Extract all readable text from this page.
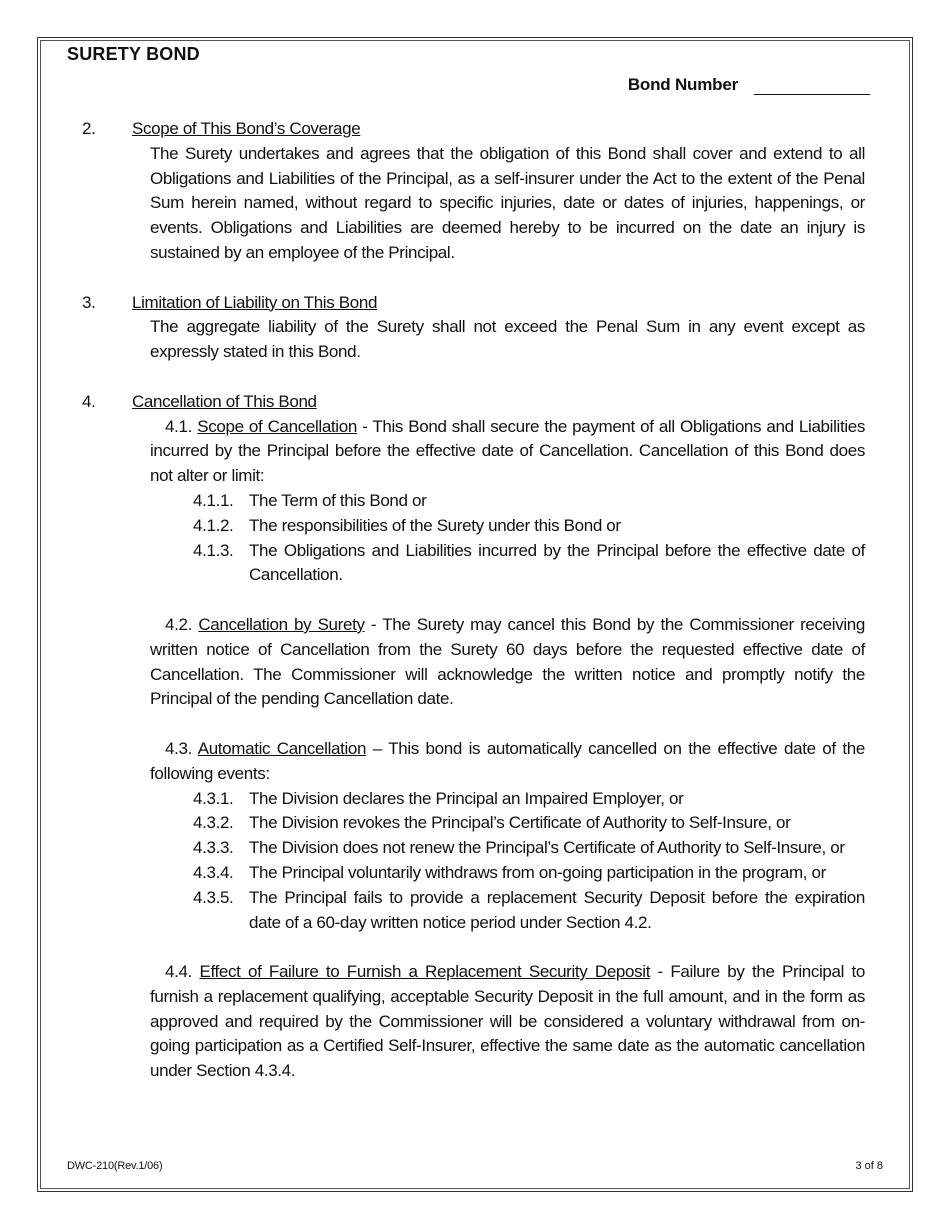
SURETY BOND
Bond Number
2.	Scope of This Bond’s Coverage
The Surety undertakes and agrees that the obligation of this Bond shall cover and extend to all Obligations and Liabilities of the Principal, as a self-insurer under the Act to the extent of the Penal Sum herein named, without regard to specific injuries, date or dates of injuries, happenings, or events. Obligations and Liabilities are deemed hereby to be incurred on the date an injury is sustained by an employee of the Principal.
3.	Limitation of Liability on This Bond
The aggregate liability of the Surety shall not exceed the Penal Sum in any event except as expressly stated in this Bond.
4.	Cancellation of This Bond
4.1. Scope of Cancellation - This Bond shall secure the payment of all Obligations and Liabilities incurred by the Principal before the effective date of Cancellation. Cancellation of this Bond does not alter or limit:
4.1.1. The Term of this Bond or
4.1.2. The responsibilities of the Surety under this Bond or
4.1.3. The Obligations and Liabilities incurred by the Principal before the effective date of Cancellation.
4.2. Cancellation by Surety - The Surety may cancel this Bond by the Commissioner receiving written notice of Cancellation from the Surety 60 days before the requested effective date of Cancellation. The Commissioner will acknowledge the written notice and promptly notify the Principal of the pending Cancellation date.
4.3. Automatic Cancellation – This bond is automatically cancelled on the effective date of the following events:
4.3.1. The Division declares the Principal an Impaired Employer, or
4.3.2. The Division revokes the Principal’s Certificate of Authority to Self-Insure, or
4.3.3. The Division does not renew the Principal’s Certificate of Authority to Self-Insure, or
4.3.4. The Principal voluntarily withdraws from on-going participation in the program, or
4.3.5. The Principal fails to provide a replacement Security Deposit before the expiration date of a 60-day written notice period under Section 4.2.
4.4. Effect of Failure to Furnish a Replacement Security Deposit - Failure by the Principal to furnish a replacement qualifying, acceptable Security Deposit in the full amount, and in the form as approved and required by the Commissioner will be considered a voluntary withdrawal from on-going participation as a Certified Self-Insurer, effective the same date as the automatic cancellation under Section 4.3.4.
DWC-210(Rev.1/06)	3 of 8
